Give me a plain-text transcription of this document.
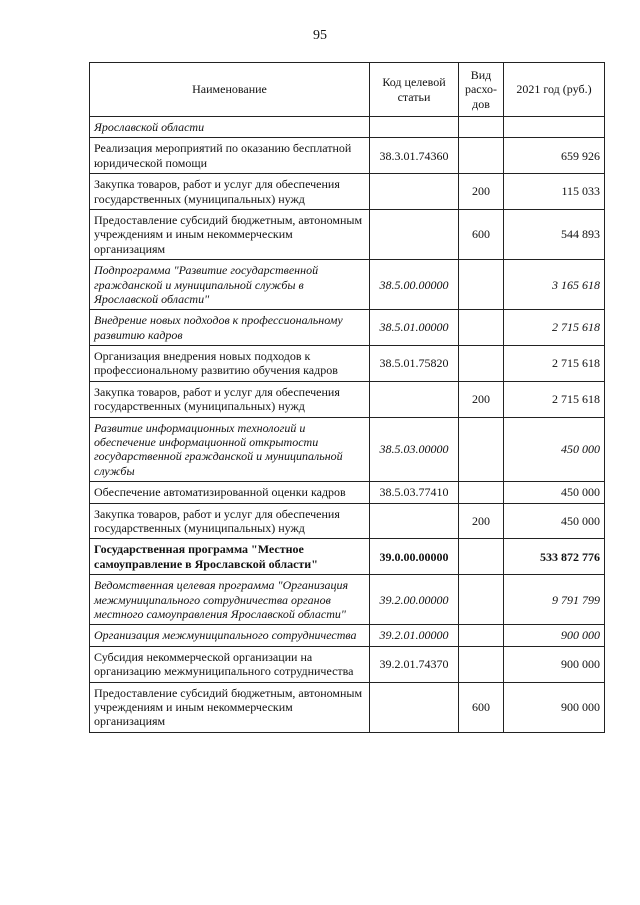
95
Наименование	Код целевой статьи	Вид расхо-дов	2021 год (руб.)
Ярославской области			
Реализация мероприятий по оказанию бесплатной юридической помощи	38.3.01.74360		659 926
Закупка товаров, работ и услуг для обеспечения государственных (муниципальных) нужд		200	115 033
Предоставление субсидий бюджетным, автономным учреждениям и иным некоммерческим организациям		600	544 893
Подпрограмма "Развитие государственной гражданской и муниципальной службы в Ярославской области"	38.5.00.00000		3 165 618
Внедрение новых подходов к профессиональному развитию кадров	38.5.01.00000		2 715 618
Организация внедрения новых подходов к профессиональному развитию обучения кадров	38.5.01.75820		2 715 618
Закупка товаров, работ и услуг для обеспечения государственных (муниципальных) нужд		200	2 715 618
Развитие информационных технологий и обеспечение информационной открытости государственной гражданской и муниципальной службы	38.5.03.00000		450 000
Обеспечение автоматизированной оценки кадров	38.5.03.77410		450 000
Закупка товаров, работ и услуг для обеспечения государственных (муниципальных) нужд		200	450 000
Государственная программа "Местное самоуправление в Ярославской области"	39.0.00.00000		533 872 776
Ведомственная целевая программа "Организация межмуниципального сотрудничества органов местного самоуправления Ярославской области"	39.2.00.00000		9 791 799
Организация межмуниципального сотрудничества	39.2.01.00000		900 000
Субсидия некоммерческой организации на организацию межмуниципального сотрудничества	39.2.01.74370		900 000
Предоставление субсидий бюджетным, автономным учреждениям и иным некоммерческим организациям		600	900 000
